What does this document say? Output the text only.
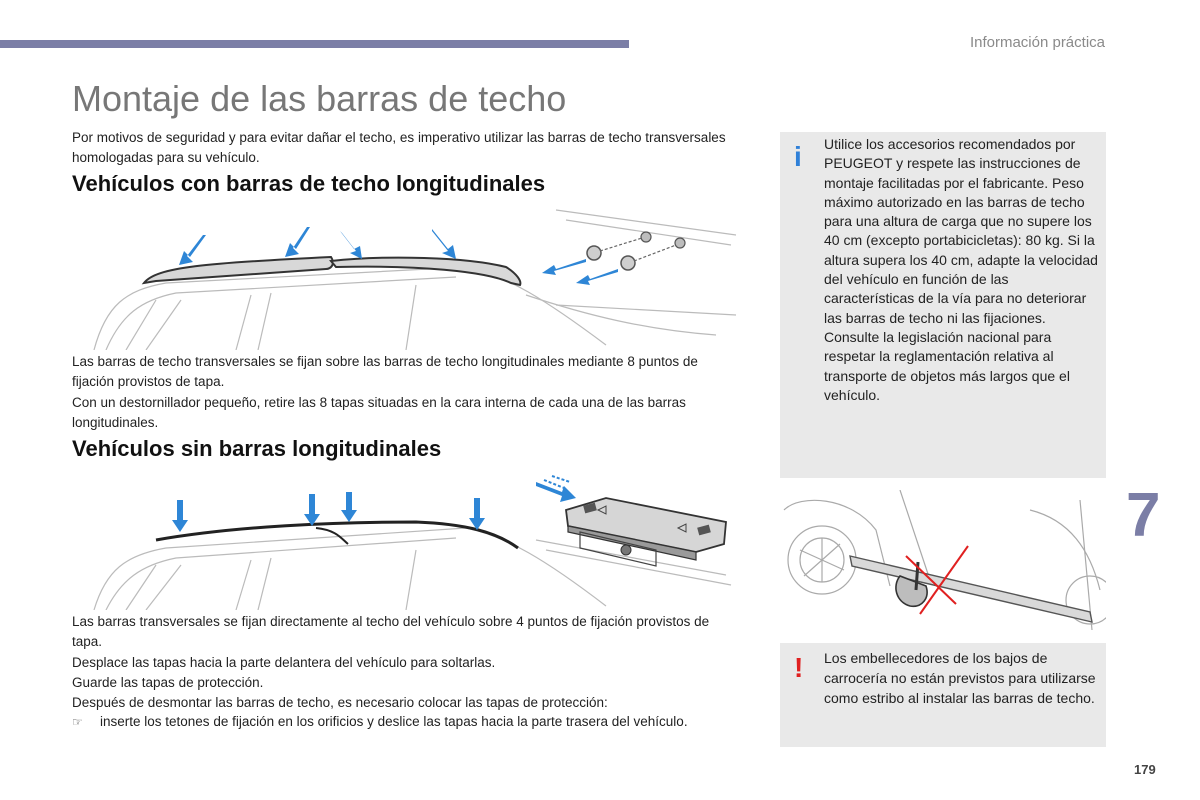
Información práctica
Montaje de las barras de techo

Por motivos de seguridad y para evitar dañar el techo, es imperativo utilizar las barras de techo transversales homologadas para su vehículo.

Vehículos con barras de techo longitudinales

Las barras de techo transversales se fijan sobre las barras de techo longitudinales mediante 8 puntos de fijación provistos de tapa.

Con un destornillador pequeño, retire las 8 tapas situadas en la cara interna de cada una de las barras longitudinales.

Vehículos sin barras longitudinales

Las barras transversales se fijan directamente al techo del vehículo sobre 4 puntos de fijación provistos de tapa.

Desplace las tapas hacia la parte delantera del vehículo para soltarlas.

Guarde las tapas de protección.

Después de desmontar las barras de techo, es necesario colocar las tapas de protección:

☞ inserte los tetones de fijación en los orificios y deslice las tapas hacia la parte trasera del vehículo.
i Utilice los accesorios recomendados por PEUGEOT y respete las instrucciones de montaje facilitadas por el fabricante. Peso máximo autorizado en las barras de techo para una altura de carga que no supere los 40 cm (excepto portabicicletas): 80 kg. Si la altura supera los 40 cm, adapte la velocidad del vehículo en función de las características de la vía para no deteriorar las barras de techo ni las fijaciones. Consulte la legislación nacional para respetar la reglamentación relativa al transporte de objetos más largos que el vehículo.
! Los embellecedores de los bajos de carrocería no están previstos para utilizarse como estribo al instalar las barras de techo.
7
179
